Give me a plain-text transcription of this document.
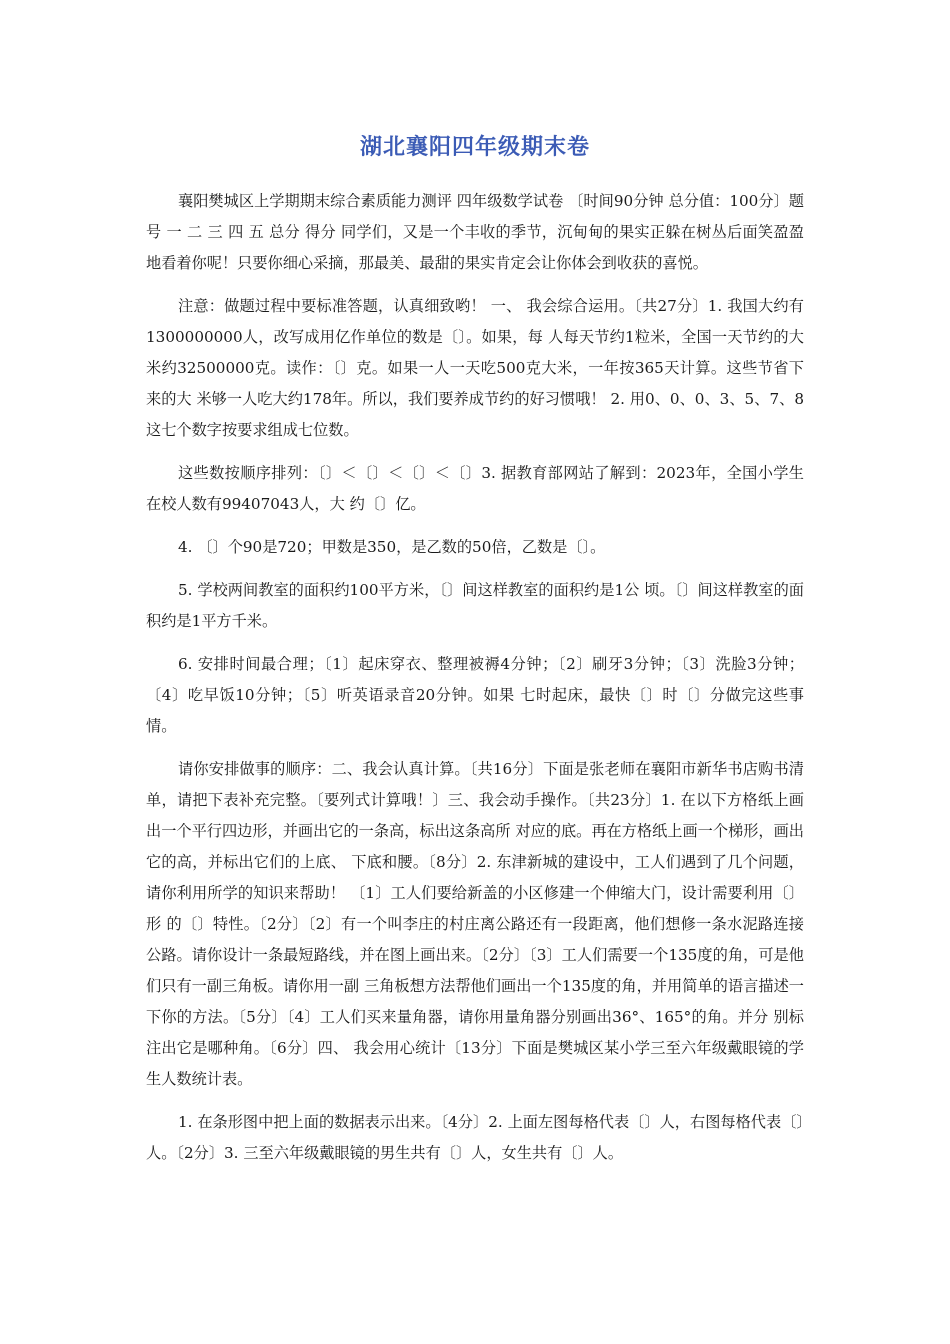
湖北襄阳四年级期末卷

襄阳樊城区上学期期末综合素质能力测评 四年级数学试卷 〔时间90分钟 总分值：100分〕题号 一 二 三 四 五 总分 得分 同学们，又是一个丰收的季节，沉甸甸的果实正躲在树丛后面笑盈盈地看着你呢！只要你细心采摘，那最美、最甜的果实肯定会让你体会到收获的喜悦。

注意：做题过程中要标准答题，认真细致哟！ 一、 我会综合运用。〔共27分〕1. 我国大约有1300000000人，改写成用亿作单位的数是〔〕。如果，每 人每天节约1粒米，全国一天节约的大米约32500000克。读作：〔〕克。如果一人一天吃500克大米，一年按365天计算。这些节省下来的大 米够一人吃大约178年。所以，我们要养成节约的好习惯哦！ 2. 用0、0、0、3、5、7、8这七个数字按要求组成七位数。

这些数按顺序排列：〔〕＜〔〕＜〔〕＜〔〕3. 据教育部网站了解到：2023年，全国小学生在校人数有99407043人，大 约〔〕亿。

4. 〔〕个90是720；甲数是350，是乙数的50倍，乙数是〔〕。

5. 学校两间教室的面积约100平方米，〔〕间这样教室的面积约是1公 顷。〔〕间这样教室的面积约是1平方千米。

6. 安排时间最合理；〔1〕起床穿衣、整理被褥4分钟；〔2〕刷牙3分钟；〔3〕洗脸3分钟；〔4〕吃早饭10分钟；〔5〕听英语录音20分钟。如果 七时起床，最快〔〕时〔〕分做完这些事情。

请你安排做事的顺序：二、我会认真计算。〔共16分〕下面是张老师在襄阳市新华书店购书清单，请把下表补充完整。〔要列式计算哦！〕三、我会动手操作。〔共23分〕1. 在以下方格纸上画出一个平行四边形，并画出它的一条高，标出这条高所 对应的底。再在方格纸上画一个梯形，画出它的高，并标出它们的上底、 下底和腰。〔8分〕2. 东津新城的建设中，工人们遇到了几个问题，请你利用所学的知识来帮助！ 〔1〕工人们要给新盖的小区修建一个伸缩大门，设计需要利用〔〕形 的〔〕特性。〔2分〕〔2〕有一个叫李庄的村庄离公路还有一段距离，他们想修一条水泥路连接 公路。请你设计一条最短路线，并在图上画出来。〔2分〕〔3〕工人们需要一个135度的角，可是他们只有一副三角板。请你用一副 三角板想方法帮他们画出一个135度的角，并用简单的语言描述一下你的方法。〔5分〕〔4〕工人们买来量角器，请你用量角器分别画出36°、165°的角。并分 别标注出它是哪种角。〔6分〕四、 我会用心统计〔13分〕下面是樊城区某小学三至六年级戴眼镜的学生人数统计表。

1. 在条形图中把上面的数据表示出来。〔4分〕2. 上面左图每格代表〔〕人，右图每格代表〔〕人。〔2分〕3. 三至六年级戴眼镜的男生共有〔〕人，女生共有〔〕人。
